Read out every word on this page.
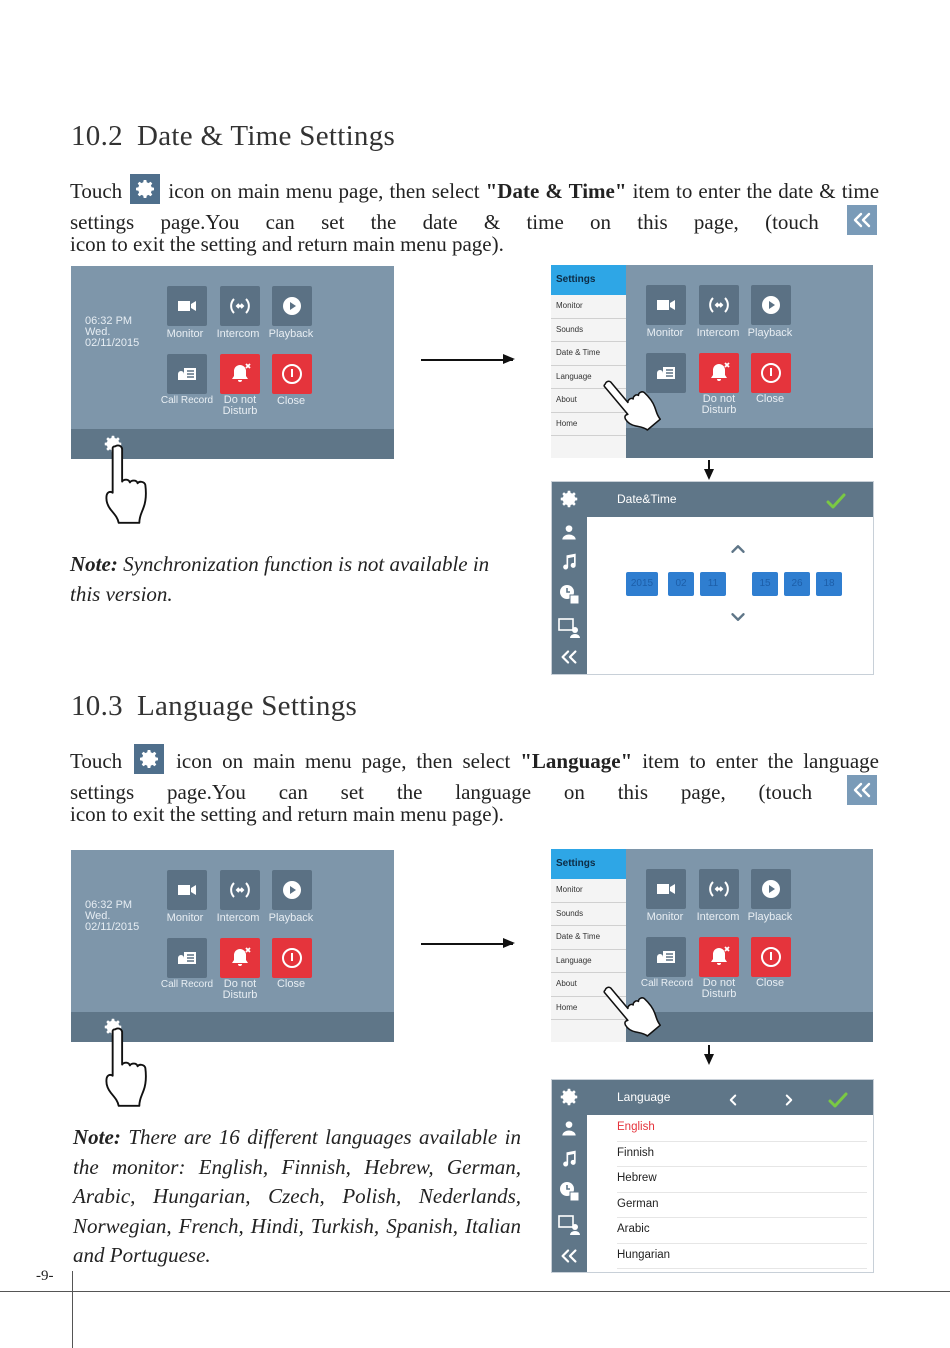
10.2 Date & Time Settings
Touch icon on main menu page, then select "Date & Time" item to enter the date & time settings page.You can set the date & time on this page, (touch
icon to exit the setting and return main menu page).
06:32 PM
Wed.
02/11/2015
Monitor	Intercom Playback
Call Record Do not
Disturb
Close
Settings
Monitor
Sounds
Date & Time
Language
About
Home
Monitor	Intercom Playback
Do not
Disturb
Close
Date&Time
2015	02	11	15	26	18
Note: Synchronization function is not available in this version.
10.3 Language Settings
Touch	icon on main menu page, then select "Language" item to enter the language settings page.You can set the language on this page, (touch
icon to exit the setting and return main menu page).
06:32 PM
Wed.
02/11/2015
Monitor	Intercom Playback
Call Record Do not
Disturb
Close
Settings
Monitor
Sounds
Date & Time
Language
About
Home
Monitor	Intercom Playback
Call Record Do not
Disturb
Close
Language
English
Finnish
Hebrew
German
Arabic
Hungarian
Note: There are 16 different languages available in the monitor: English, Finnish, Hebrew, German, Arabic, Hungarian, Czech, Polish, Nederlands, Norwegian, French, Hindi, Turkish, Spanish, Italian and Portuguese.
-9-
